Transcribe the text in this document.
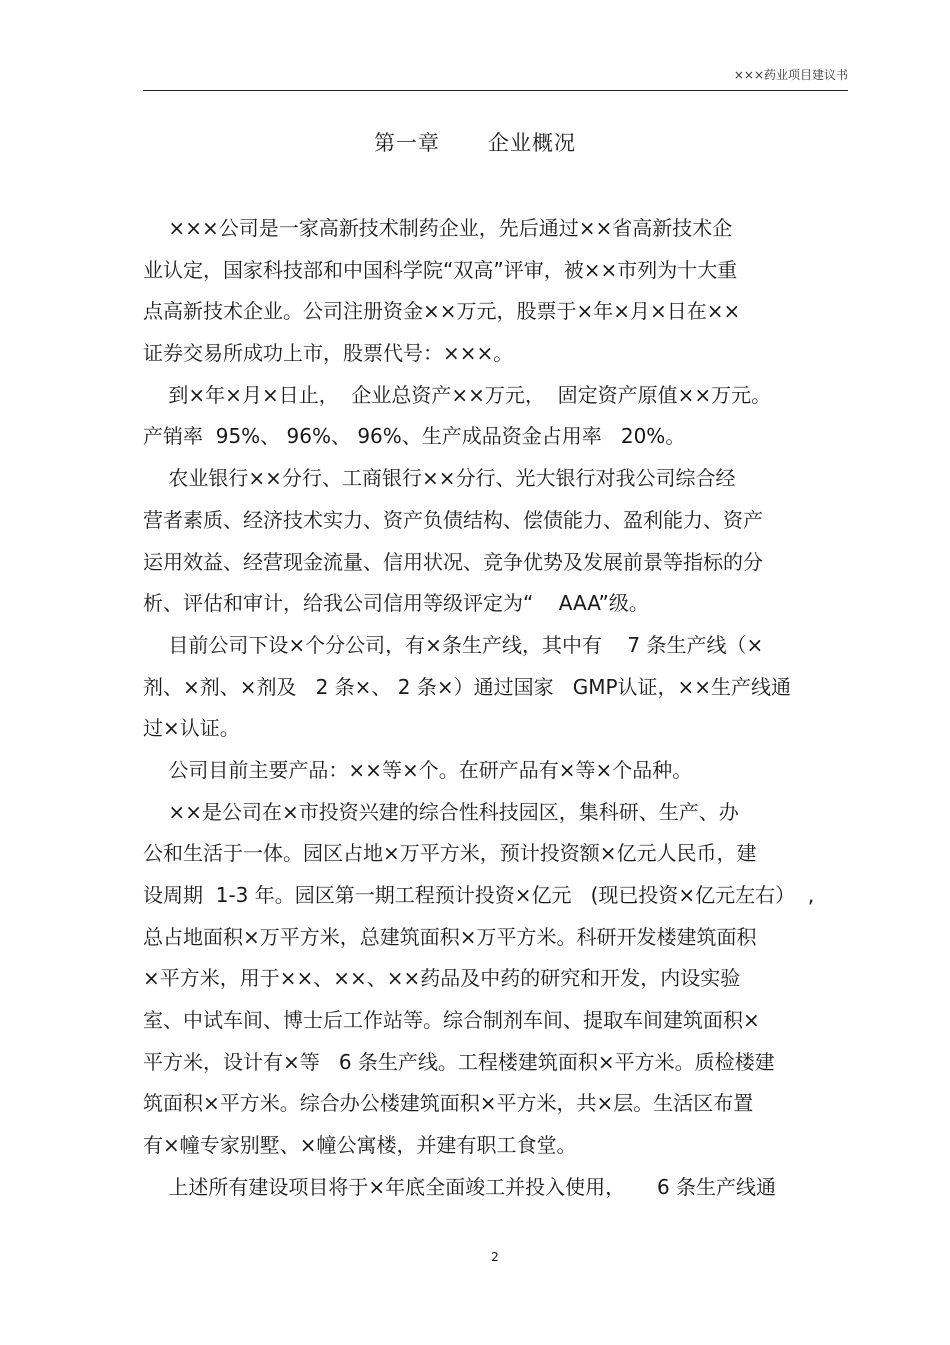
×××药业项目建议书
第一章 企业概况
×××公司是一家高新技术制药企业，先后通过××省高新技术企
业认定，国家科技部和中国科学院“双高”评审，被××市列为十大重
点高新技术企业。公司注册资金××万元，股票于×年×月×日在××
证券交易所成功上市，股票代号：×××。
到×年×月×日止，  企业总资产××万元，  固定资产原值××万元。
产销率  95%、 96%、 96%、生产成品资金占用率   20%。
农业银行××分行、工商银行××分行、光大银行对我公司综合经
营者素质、经济技术实力、资产负债结构、偿债能力、盈利能力、资产
运用效益、经营现金流量、信用状况、竞争优势及发展前景等指标的分
析、评估和审计，给我公司信用等级评定为“    AAA”级。
目前公司下设×个分公司，有×条生产线，其中有    7 条生产线（×
剂、×剂、×剂及   2 条×、 2 条×）通过国家   GMP认证，××生产线通
过×认证。
公司目前主要产品：××等×个。在研产品有×等×个品种。
××是公司在×市投资兴建的综合性科技园区，集科研、生产、办
公和生活于一体。园区占地×万平方米，预计投资额×亿元人民币，建
设周期  1-3 年。园区第一期工程预计投资×亿元   (现已投资×亿元左右）  ,
总占地面积×万平方米，总建筑面积×万平方米。科研开发楼建筑面积
×平方米，用于××、××、××药品及中药的研究和开发，内设实验
室、中试车间、博士后工作站等。综合制剂车间、提取车间建筑面积×
平方米，设计有×等   6 条生产线。工程楼建筑面积×平方米。质检楼建
筑面积×平方米。综合办公楼建筑面积×平方米，共×层。生活区布置
有×幢专家别墅、×幢公寓楼，并建有职工食堂。
上述所有建设项目将于×年底全面竣工并投入使用，     6 条生产线通
2
